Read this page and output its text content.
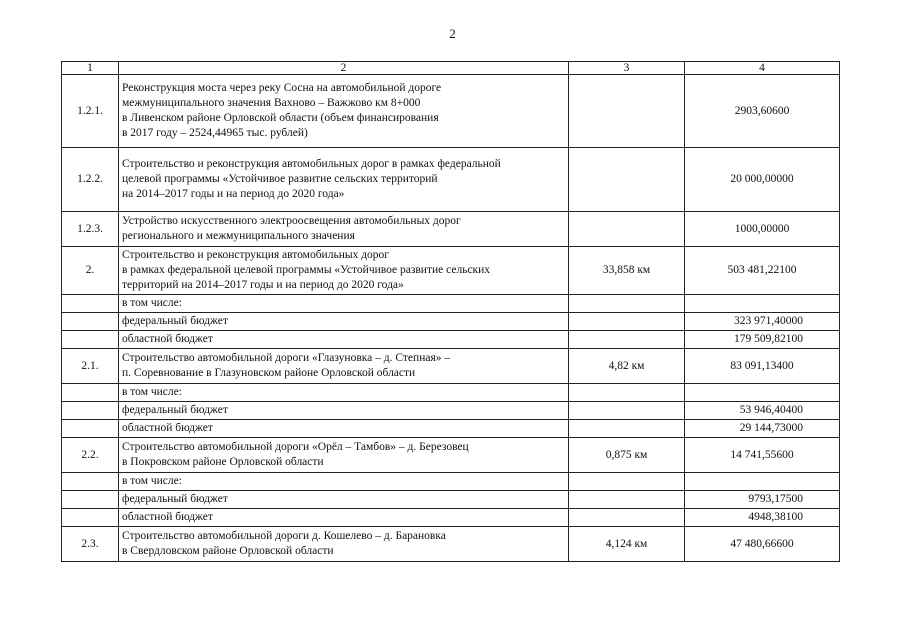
2
1	2	3	4
1.2.1.	Реконструкция моста через реку Сосна на автомобильной дороге
межмуниципального значения Вахново – Важжово км 8+000
в Ливенском районе Орловской области (объем финансирования
в 2017 году – 2524,44965 тыс. рублей)		2903,60600
1.2.2.	Строительство и реконструкция автомобильных дорог в рамках федеральной
целевой программы «Устойчивое развитие сельских территорий
на 2014–2017 годы и на период до 2020 года»		20 000,00000
1.2.3.	Устройство искусственного электроосвещения автомобильных дорог
регионального и межмуниципального значения		1000,00000
2.	Строительство и реконструкция автомобильных дорог
в рамках федеральной целевой программы «Устойчивое развитие сельских
территорий на 2014–2017 годы и на период до 2020 года»	33,858 км	503 481,22100

	в том числе:		

	федеральный бюджет		323 971,40000

	областной бюджет		179 509,82100
2.1.	Строительство автомобильной дороги «Глазуновка – д. Степная» –
п. Соревнование в Глазуновском районе Орловской области	4,82 км	83 091,13400

	в том числе:		

	федеральный бюджет		53 946,40400

	областной бюджет		29 144,73000
2.2.	Строительство автомобильной дороги «Орёл – Тамбов» – д. Березовец
в Покровском районе Орловской области	0,875 км	14 741,55600

	в том числе:		

	федеральный бюджет		9793,17500

	областной бюджет		4948,38100
2.3.	Строительство автомобильной дороги д. Кошелево – д. Барановка
в Свердловском районе Орловской области	4,124 км	47 480,66600
